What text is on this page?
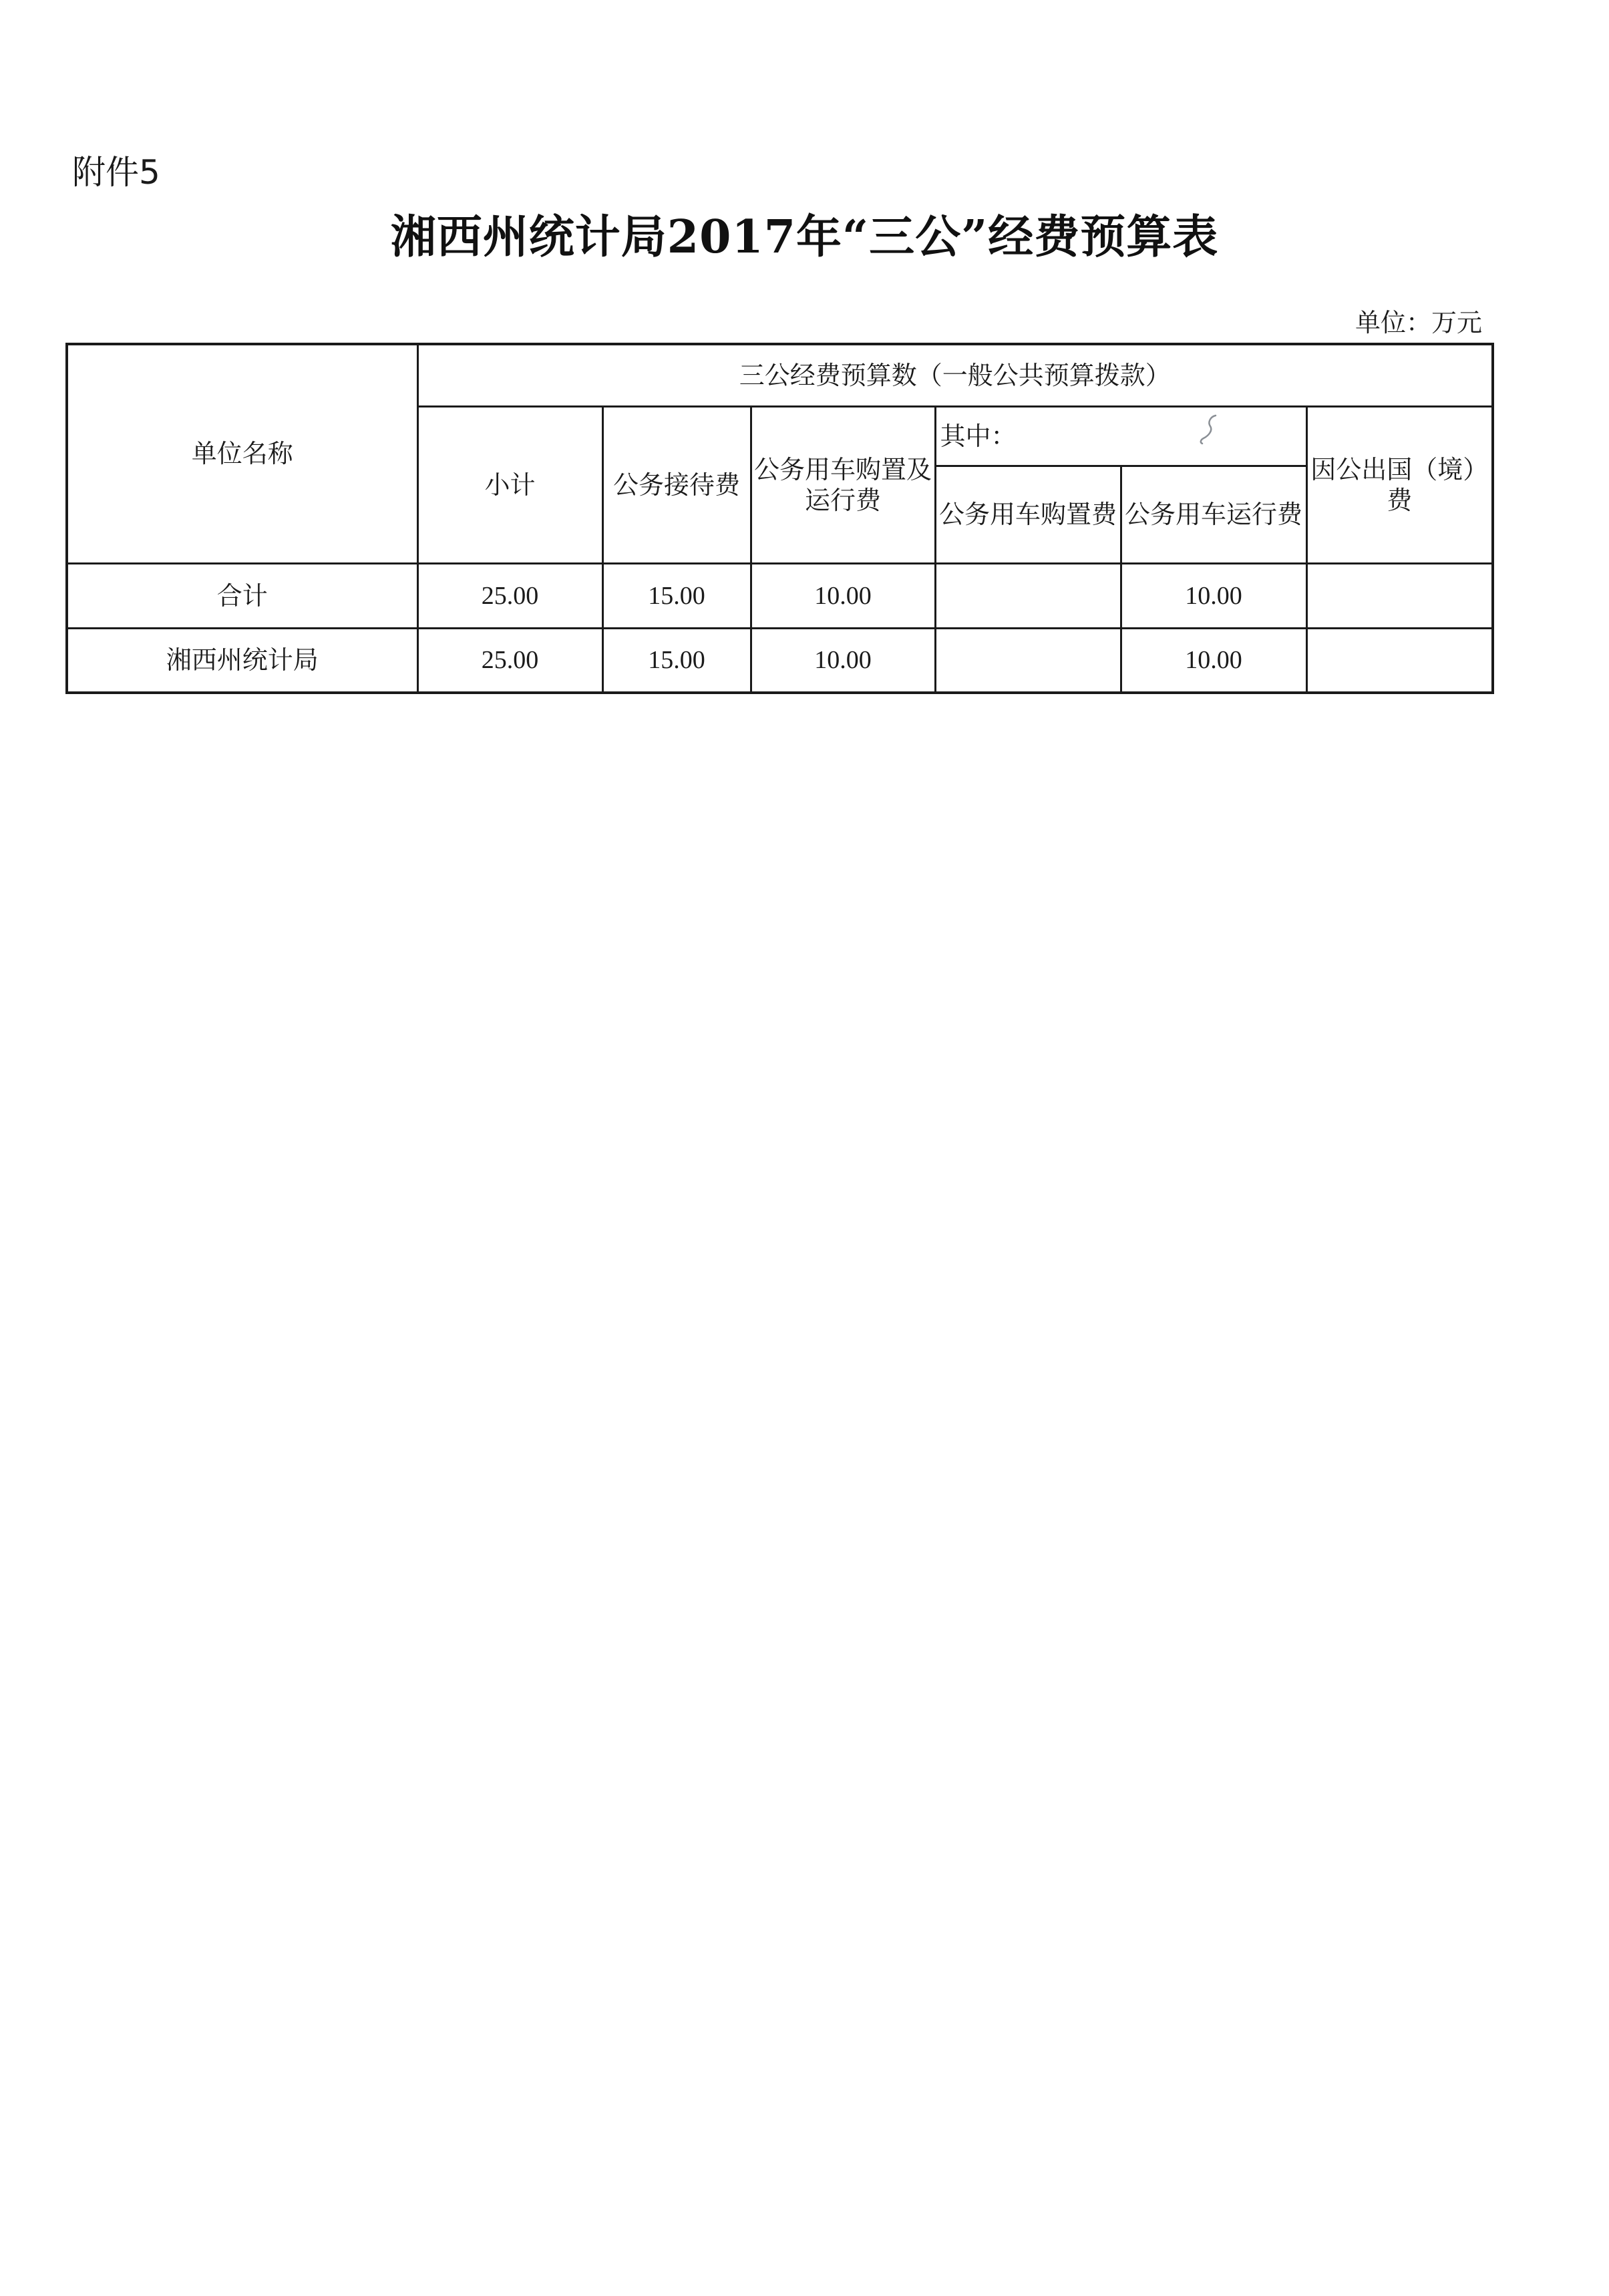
附件5
湘西州统计局2017年“三公”经费预算表
单位：万元
单位名称	三公经费预算数（一般公共预算拨款）					
	小计	公务接待费	公务用车购置及运行费	其中：		因公出国（境）费
				公务用车购置费	公务用车运行费	
合计	25.00	15.00	10.00		10.00	
湘西州统计局	25.00	15.00	10.00		10.00	
